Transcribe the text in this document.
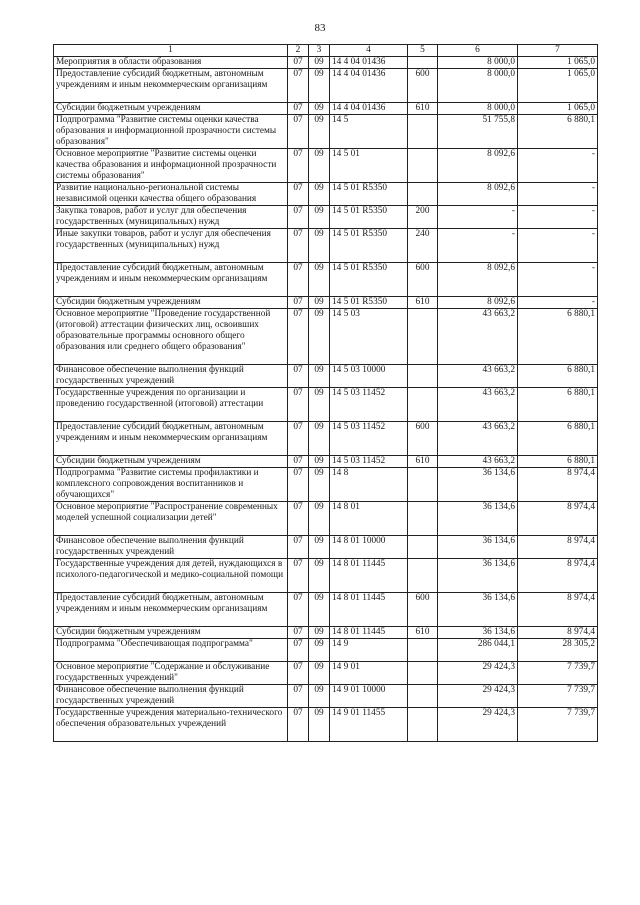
83
1	2	3	4	5	6	7
Мероприятия в области образования	07	09	14 4 04 01436		8 000,0	1 065,0
Предоставление субсидий бюджетным, автономным учреждениям и иным некоммерческим организациям	07	09	14 4 04 01436	600	8 000,0	1 065,0
Субсидии бюджетным учреждениям	07	09	14 4 04 01436	610	8 000,0	1 065,0
Подпрограмма "Развитие системы оценки качества образования и информационной прозрачности системы образования"	07	09	14 5		51 755,8	6 880,1
Основное мероприятие "Развитие системы оценки качества образования и информационной прозрачности системы образования"	07	09	14 5 01		8 092,6	-
Развитие национально-региональной системы независимой оценки качества общего образования	07	09	14 5 01 R5350		8 092,6	-
Закупка товаров, работ и услуг для обеспечения государственных (муниципальных) нужд	07	09	14 5 01 R5350	200	-	-
Иные закупки товаров, работ и услуг для обеспечения государственных (муниципальных) нужд	07	09	14 5 01 R5350	240	-	-
Предоставление субсидий бюджетным, автономным учреждениям и иным некоммерческим организациям	07	09	14 5 01 R5350	600	8 092,6	-
Субсидии бюджетным учреждениям	07	09	14 5 01 R5350	610	8 092,6	-
Основное мероприятие "Проведение государственной (итоговой) аттестации физических лиц, освоивших образовательные программы основного общего образования или среднего общего образования"	07	09	14 5 03		43 663,2	6 880,1
Финансовое обеспечение выполнения функций государственных учреждений	07	09	14 5 03 10000		43 663,2	6 880,1
Государственные учреждения по организации и проведению государственной (итоговой) аттестации	07	09	14 5 03 11452		43 663,2	6 880,1
Предоставление субсидий бюджетным, автономным учреждениям и иным некоммерческим организациям	07	09	14 5 03 11452	600	43 663,2	6 880,1
Субсидии бюджетным учреждениям	07	09	14 5 03 11452	610	43 663,2	6 880,1
Подпрограмма "Развитие системы профилактики и комплексного сопровождения воспитанников и обучающихся"	07	09	14 8		36 134,6	8 974,4
Основное мероприятие "Распространение современных моделей успешной социализации детей"	07	09	14 8 01		36 134,6	8 974,4
Финансовое обеспечение выполнения функций государственных учреждений	07	09	14 8 01 10000		36 134,6	8 974,4
Государственные учреждения для детей, нуждающихся в психолого-педагогической и медико-социальной помощи	07	09	14 8 01 11445		36 134,6	8 974,4
Предоставление субсидий бюджетным, автономным учреждениям и иным некоммерческим организациям	07	09	14 8 01 11445	600	36 134,6	8 974,4
Субсидии бюджетным учреждениям	07	09	14 8 01 11445	610	36 134,6	8 974,4
Подпрограмма "Обеспечивающая подпрограмма"	07	09	14 9		286 044,1	28 305,2
Основное мероприятие "Содержание и обслуживание государственных учреждений"	07	09	14 9 01		29 424,3	7 739,7
Финансовое обеспечение выполнения функций государственных учреждений	07	09	14 9 01 10000		29 424,3	7 739,7
Государственные учреждения материально-технического обеспечения образовательных учреждений	07	09	14 9 01 11455		29 424,3	7 739,7
